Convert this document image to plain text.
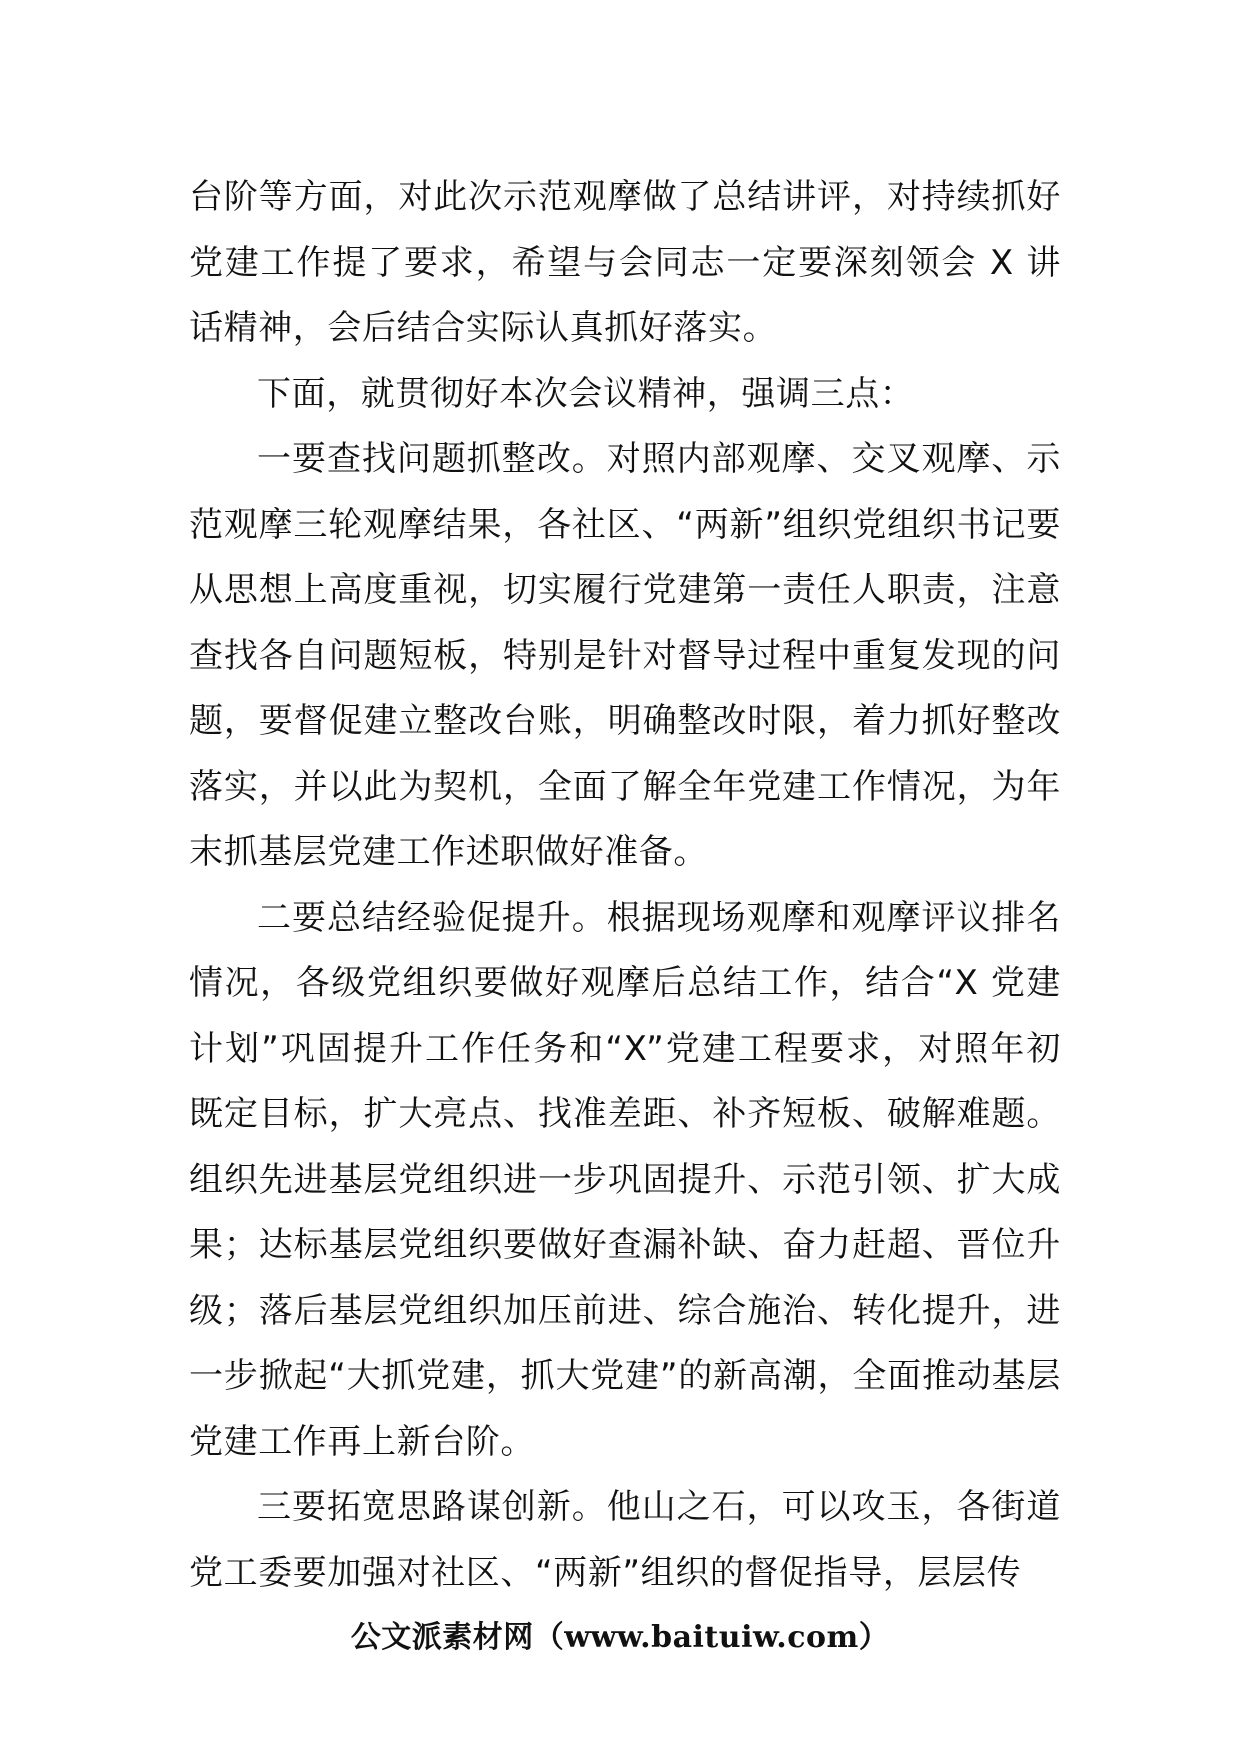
台阶等方面，对此次示范观摩做了总结讲评，对持续抓好党建工作提了要求，希望与会同志一定要深刻领会 X 讲话精神，会后结合实际认真抓好落实。

下面，就贯彻好本次会议精神，强调三点：

一要查找问题抓整改。对照内部观摩、交叉观摩、示范观摩三轮观摩结果，各社区、“两新”组织党组织书记要从思想上高度重视，切实履行党建第一责任人职责，注意查找各自问题短板，特别是针对督导过程中重复发现的问题，要督促建立整改台账，明确整改时限，着力抓好整改落实，并以此为契机，全面了解全年党建工作情况，为年末抓基层党建工作述职做好准备。

二要总结经验促提升。根据现场观摩和观摩评议排名情况，各级党组织要做好观摩后总结工作，结合“X 党建计划”巩固提升工作任务和“X”党建工程要求，对照年初既定目标，扩大亮点、找准差距、补齐短板、破解难题。组织先进基层党组织进一步巩固提升、示范引领、扩大成果；达标基层党组织要做好查漏补缺、奋力赶超、晋位升级；落后基层党组织加压前进、综合施治、转化提升，进一步掀起“大抓党建，抓大党建”的新高潮，全面推动基层党建工作再上新台阶。

三要拓宽思路谋创新。他山之石，可以攻玉，各街道党工委要加强对社区、“两新”组织的督促指导，层层传

公文派素材网（www.baituiw.com）
